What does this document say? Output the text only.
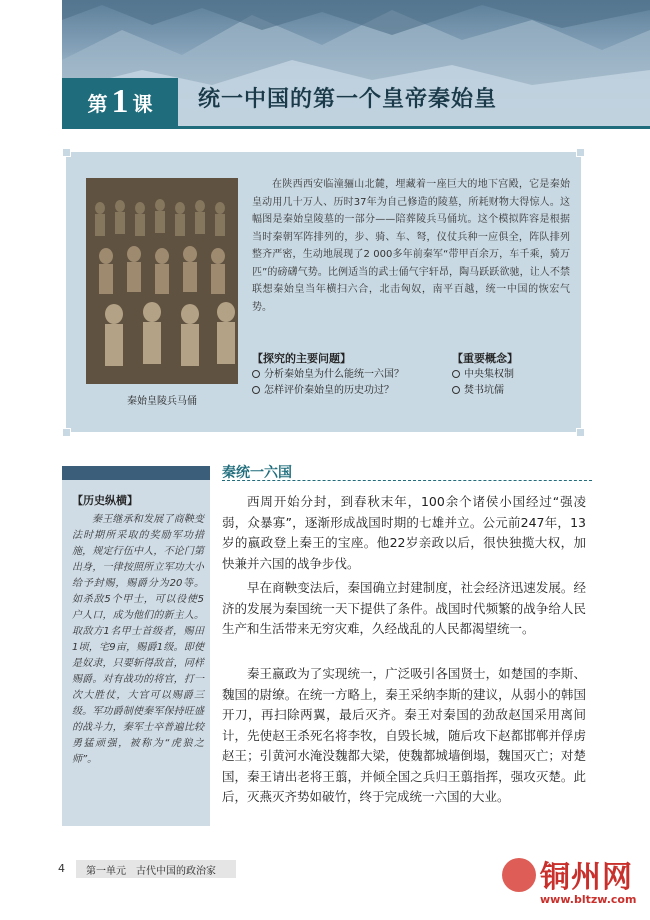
第 1 课 统一中国的第一个皇帝秦始皇
秦始皇陵兵马俑
在陕西西安临潼骊山北麓，埋藏着一座巨大的地下宫殿，它是秦始皇动用几十万人、历时37年为自己修造的陵墓，所耗财物大得惊人。这幅图是秦始皇陵墓的一部分——陪葬陵兵马俑坑。这个模拟阵容是根据当时秦朝军阵排列的，步、骑、车、弩，仪仗兵种一应俱全，阵队排列整齐严密，生动地展现了2 000多年前秦军“带甲百余万，车千乘，骑万匹”的磅礴气势。比例适当的武士俑气宇轩昂，陶马跃跃欲驰，让人不禁联想秦始皇当年横扫六合，北击匈奴，南平百越，统一中国的恢宏气势。
【探究的主要问题】
分析秦始皇为什么能统一六国？
怎样评价秦始皇的历史功过？
【重要概念】
中央集权制
焚书坑儒
【历史纵横】
秦王继承和发展了商鞅变法时期所采取的奖励军功措施，规定行伍中人，不论门第出身，一律按照所立军功大小给予封赐，赐爵分为20等。如杀敌5个甲士，可以役使5户人口，成为他们的新主人。取敌方1名甲士首级者，赐田1顷，宅9亩，赐爵1级。即使是奴隶，只要斩得敌首，同样赐爵。对有战功的将官，打一次大胜仗，大官可以赐爵三级。军功爵制使秦军保持旺盛的战斗力，秦军士卒普遍比较勇猛顽强，被称为“虎狼之师”。
秦统一六国

西周开始分封，到春秋末年，100余个诸侯小国经过“强凌弱，众暴寡”，逐渐形成战国时期的七雄并立。公元前247年，13岁的嬴政登上秦王的宝座。他22岁亲政以后，很快独揽大权，加快兼并六国的战争步伐。

早在商鞅变法后，秦国确立封建制度，社会经济迅速发展。经济的发展为秦国统一天下提供了条件。战国时代频繁的战争给人民生产和生活带来无穷灾难，久经战乱的人民都渴望统一。

秦王嬴政为了实现统一，广泛吸引各国贤士，如楚国的李斯、魏国的尉缭。在统一方略上，秦王采纳李斯的建议，从弱小的韩国开刀，再扫除两翼，最后灭齐。秦王对秦国的劲敌赵国采用离间计，先使赵王杀死名将李牧，自毁长城，随后攻下赵都邯郸并俘虏赵王；引黄河水淹没魏都大梁，使魏都城墙倒塌，魏国灭亡；对楚国，秦王请出老将王翦，并倾全国之兵归王翦指挥，强攻灭楚。此后，灭燕灭齐势如破竹，终于完成统一六国的大业。

4	第一单元　古代中国的政治家	铜州网
www.bltzw.com
